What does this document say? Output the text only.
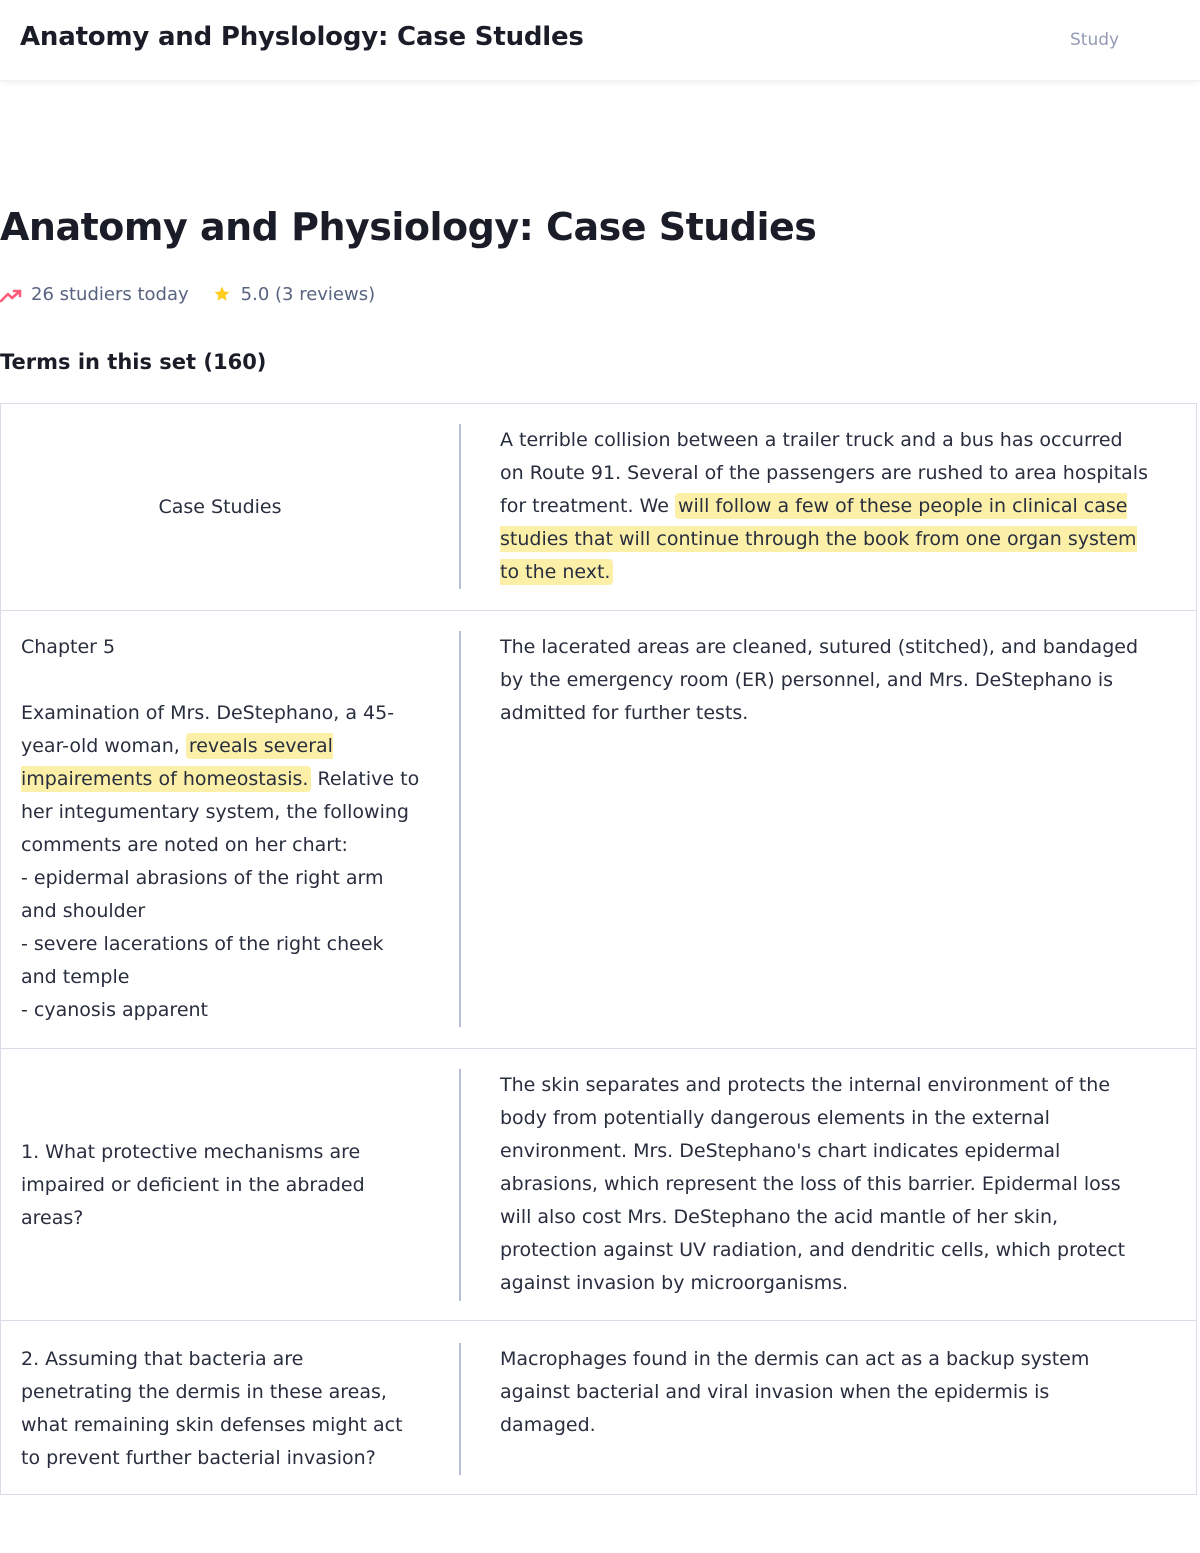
Anatomy and Physlology: Case Studles	Study
Anatomy and Physiology: Case Studies
26 studiers today	5.0 (3 reviews)
Terms in this set (160)
Case Studies
A terrible collision between a trailer truck and a bus has occurred on Route 91. Several of the passengers are rushed to area hospitals for treatment. We will follow a few of these people in clinical case studies that will continue through the book from one organ system to the next.
Chapter 5
Examination of Mrs. DeStephano, a 45-year-old woman, reveals several impairements of homeostasis. Relative to her integumentary system, the following comments are noted on her chart:
- epidermal abrasions of the right arm and shoulder
- severe lacerations of the right cheek and temple
- cyanosis apparent
The lacerated areas are cleaned, sutured (stitched), and bandaged by the emergency room (ER) personnel, and Mrs. DeStephano is admitted for further tests.
1. What protective mechanisms are impaired or deficient in the abraded areas?
The skin separates and protects the internal environment of the body from potentially dangerous elements in the external environment. Mrs. DeStephano's chart indicates epidermal abrasions, which represent the loss of this barrier. Epidermal loss will also cost Mrs. DeStephano the acid mantle of her skin, protection against UV radiation, and dendritic cells, which protect against invasion by microorganisms.
2. Assuming that bacteria are penetrating the dermis in these areas, what remaining skin defenses might act to prevent further bacterial invasion?
Macrophages found in the dermis can act as a backup system against bacterial and viral invasion when the epidermis is damaged.
